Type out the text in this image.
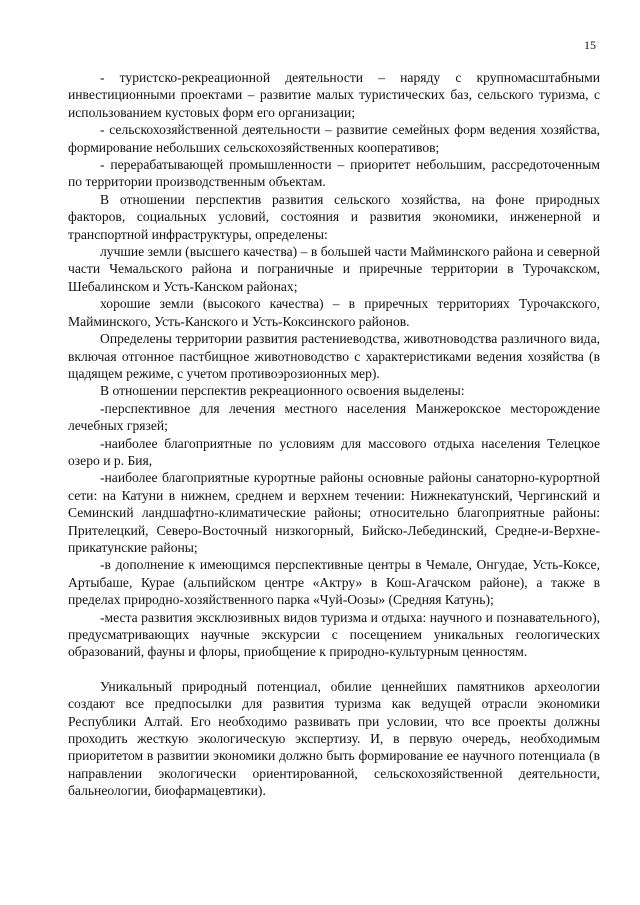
15

- туристско-рекреационной деятельности – наряду с крупномасштабными инвестиционными проектами – развитие малых туристических баз, сельского туризма, с использованием кустовых форм его организации;

- сельскохозяйственной деятельности – развитие семейных форм ведения хозяйства, формирование небольших сельскохозяйственных кооперативов;

- перерабатывающей промышленности – приоритет небольшим, рассредоточенным по территории производственным объектам.

В отношении перспектив развития сельского хозяйства, на фоне природных факторов, социальных условий, состояния и развития экономики, инженерной и транспортной инфраструктуры, определены:

лучшие земли (высшего качества) – в большей части Майминского района и северной части Чемальского района и пограничные и приречные территории в Турочакском, Шебалинском и Усть-Канском районах;

хорошие земли (высокого качества) – в приречных территориях Турочакского, Майминского, Усть-Канского и Усть-Коксинского районов.

Определены территории развития растениеводства, животноводства различного вида, включая отгонное пастбищное животноводство с характеристиками ведения хозяйства (в щадящем режиме, с учетом противоэрозионных мер).

В отношении перспектив рекреационного освоения выделены:

-перспективное для лечения местного населения Манжерокское месторождение лечебных грязей;

-наиболее благоприятные по условиям для массового отдыха населения Телецкое озеро и р. Бия,

-наиболее благоприятные курортные районы основные районы санаторно-курортной сети: на Катуни в нижнем, среднем и верхнем течении: Нижнекатунский, Чергинский и Семинский ландшафтно-климатические районы; относительно благоприятные районы: Прителецкий, Северо-Восточный низкогорный, Бийско-Лебединский, Средне-и-Верхне-прикатунские районы;

-в дополнение к имеющимся перспективные центры в Чемале, Онгудае, Усть-Коксе, Артыбаше, Курае (альпийском центре «Актру» в Кош-Агачском районе), а также в пределах природно-хозяйственного парка «Чуй-Оозы» (Средняя Катунь);

-места развития эксклюзивных видов туризма и отдыха: научного и познавательного), предусматривающих научные экскурсии с посещением уникальных геологических образований, фауны и флоры, приобщение к природно-культурным ценностям.

Уникальный природный потенциал, обилие ценнейших памятников археологии создают все предпосылки для развития туризма как ведущей отрасли экономики Республики Алтай. Его необходимо развивать при условии, что все проекты должны проходить жесткую экологическую экспертизу. И, в первую очередь, необходимым приоритетом в развитии экономики должно быть формирование ее научного потенциала (в направлении экологически ориентированной, сельскохозяйственной деятельности, бальнеологии, биофармацевтики).
